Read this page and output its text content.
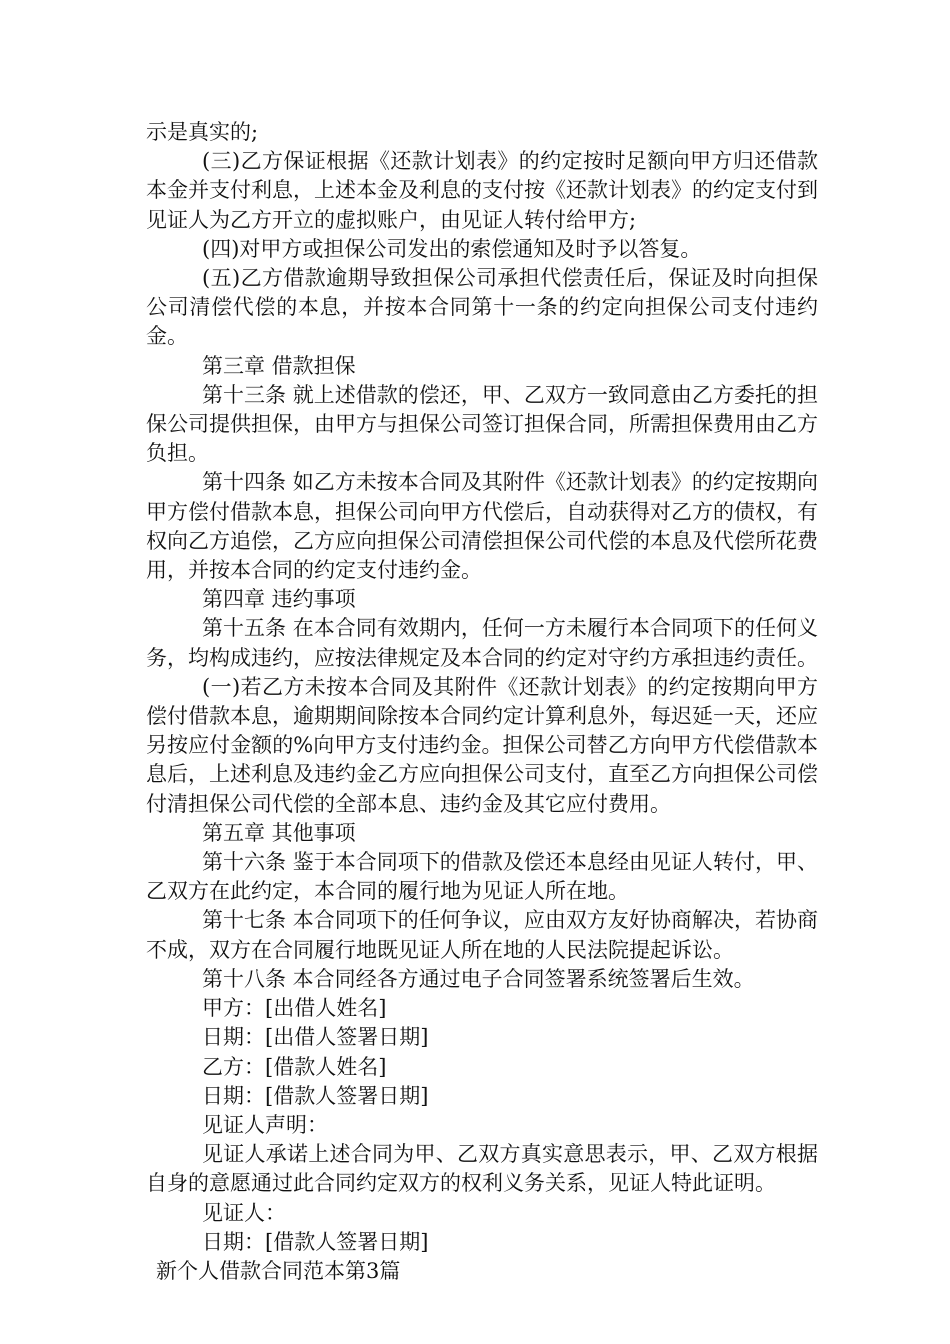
示是真实的;

(三)乙方保证根据《还款计划表》的约定按时足额向甲方归还借款本金并支付利息，上述本金及利息的支付按《还款计划表》的约定支付到见证人为乙方开立的虚拟账户，由见证人转付给甲方;

(四)对甲方或担保公司发出的索偿通知及时予以答复。

(五)乙方借款逾期导致担保公司承担代偿责任后，保证及时向担保公司清偿代偿的本息，并按本合同第十一条的约定向担保公司支付违约金。

第三章 借款担保

第十三条 就上述借款的偿还，甲、乙双方一致同意由乙方委托的担保公司提供担保，由甲方与担保公司签订担保合同，所需担保费用由乙方负担。

第十四条 如乙方未按本合同及其附件《还款计划表》的约定按期向甲方偿付借款本息，担保公司向甲方代偿后，自动获得对乙方的债权，有权向乙方追偿，乙方应向担保公司清偿担保公司代偿的本息及代偿所花费用，并按本合同的约定支付违约金。

第四章 违约事项

第十五条 在本合同有效期内，任何一方未履行本合同项下的任何义务，均构成违约，应按法律规定及本合同的约定对守约方承担违约责任。

(一)若乙方未按本合同及其附件《还款计划表》的约定按期向甲方偿付借款本息，逾期期间除按本合同约定计算利息外，每迟延一天，还应另按应付金额的%向甲方支付违约金。担保公司替乙方向甲方代偿借款本息后，上述利息及违约金乙方应向担保公司支付，直至乙方向担保公司偿付清担保公司代偿的全部本息、违约金及其它应付费用。

第五章 其他事项

第十六条 鉴于本合同项下的借款及偿还本息经由见证人转付，甲、乙双方在此约定，本合同的履行地为见证人所在地。

第十七条 本合同项下的任何争议，应由双方友好协商解决，若协商不成，双方在合同履行地既见证人所在地的人民法院提起诉讼。

第十八条 本合同经各方通过电子合同签署系统签署后生效。

甲方：[出借人姓名]

日期：[出借人签署日期]

乙方：[借款人姓名]

日期：[借款人签署日期]

见证人声明：

见证人承诺上述合同为甲、乙双方真实意思表示，甲、乙双方根据自身的意愿通过此合同约定双方的权利义务关系，见证人特此证明。

见证人：

日期：[借款人签署日期]

新个人借款合同范本第3篇
